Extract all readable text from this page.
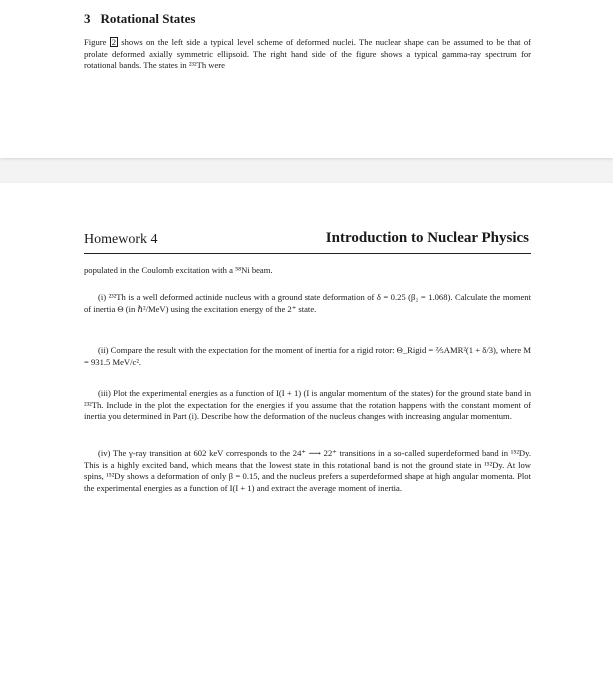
3 Rotational States
Figure 2 shows on the left side a typical level scheme of deformed nuclei. The nuclear shape can be assumed to be that of prolate deformed axially symmetric ellipsoid. The right hand side of the figure shows a typical gamma-ray spectrum for rotational bands. The states in ²³²Th were
Homework 4	Introduction to Nuclear Physics
populated in the Coulomb excitation with a ⁵⁸Ni beam.
(i) ²³²Th is a well deformed actinide nucleus with a ground state deformation of δ = 0.25 (β₂ = 1.068). Calculate the moment of inertia Θ (in ℏ²/MeV) using the excitation energy of the 2⁺ state.
(ii) Compare the result with the expectation for the moment of inertia for a rigid rotor: Θ_Rigid = ⅖AMR²(1 + δ/3), where M = 931.5 MeV/c².
(iii) Plot the experimental energies as a function of I(I + 1) (I is angular momentum of the states) for the ground state band in ²³²Th. Include in the plot the expectation for the energies if you assume that the rotation happens with the constant moment of inertia you determined in Part (i). Describe how the deformation of the nucleus changes with increasing angular momentum.
(iv) The γ-ray transition at 602 keV corresponds to the 24⁺ ⟶ 22⁺ transitions in a so-called superdeformed band in ¹⁵²Dy. This is a highly excited band, which means that the lowest state in this rotational band is not the ground state in ¹⁵²Dy. At low spins, ¹⁵²Dy shows a deformation of only β = 0.15, and the nucleus prefers a superdeformed shape at high angular momenta. Plot the experimental energies as a function of I(I + 1) and extract the average moment of inertia.
